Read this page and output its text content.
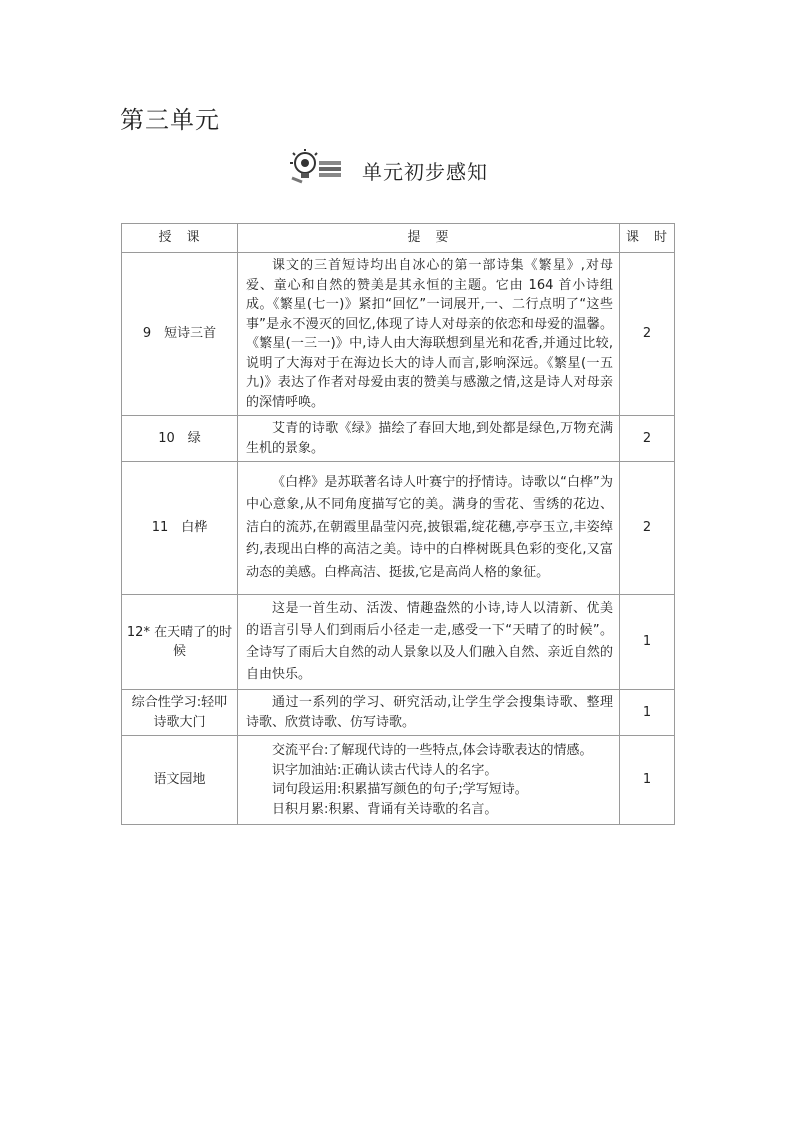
第三单元
单元初步感知
授　课	提　要	课　时
9　短诗三首	课文的三首短诗均出自冰心的第一部诗集《繁星》,对母爱、童心和自然的赞美是其永恒的主题。它由 164 首小诗组成。《繁星(七一)》紧扣“回忆”一词展开,一、二行点明了“这些事”是永不漫灭的回忆,体现了诗人对母亲的依恋和母爱的温馨。《繁星(一三一)》中,诗人由大海联想到星光和花香,并通过比较,说明了大海对于在海边长大的诗人而言,影响深远。《繁星(一五九)》表达了作者对母爱由衷的赞美与感激之情,这是诗人对母亲的深情呼唤。	2
10　绿	艾青的诗歌《绿》描绘了春回大地,到处都是绿色,万物充满生机的景象。	2
11　白桦	《白桦》是苏联著名诗人叶赛宁的抒情诗。诗歌以“白桦”为中心意象,从不同角度描写它的美。满身的雪花、雪绣的花边、洁白的流苏,在朝霞里晶莹闪亮,披银霜,绽花穗,亭亭玉立,丰姿绰约,表现出白桦的高洁之美。诗中的白桦树既具色彩的变化,又富动态的美感。白桦高洁、挺拔,它是高尚人格的象征。	2
12* 在天晴了的时候	这是一首生动、活泼、情趣盎然的小诗,诗人以清新、优美的语言引导人们到雨后小径走一走,感受一下“天晴了的时候”。全诗写了雨后大自然的动人景象以及人们融入自然、亲近自然的自由快乐。	1
综合性学习:轻叩诗歌大门	通过一系列的学习、研究活动,让学生学会搜集诗歌、整理诗歌、欣赏诗歌、仿写诗歌。	1
语文园地	交流平台:了解现代诗的一些特点,体会诗歌表达的情感。
识字加油站:正确认读古代诗人的名字。
词句段运用:积累描写颜色的句子;学写短诗。
日积月累:积累、背诵有关诗歌的名言。	1
